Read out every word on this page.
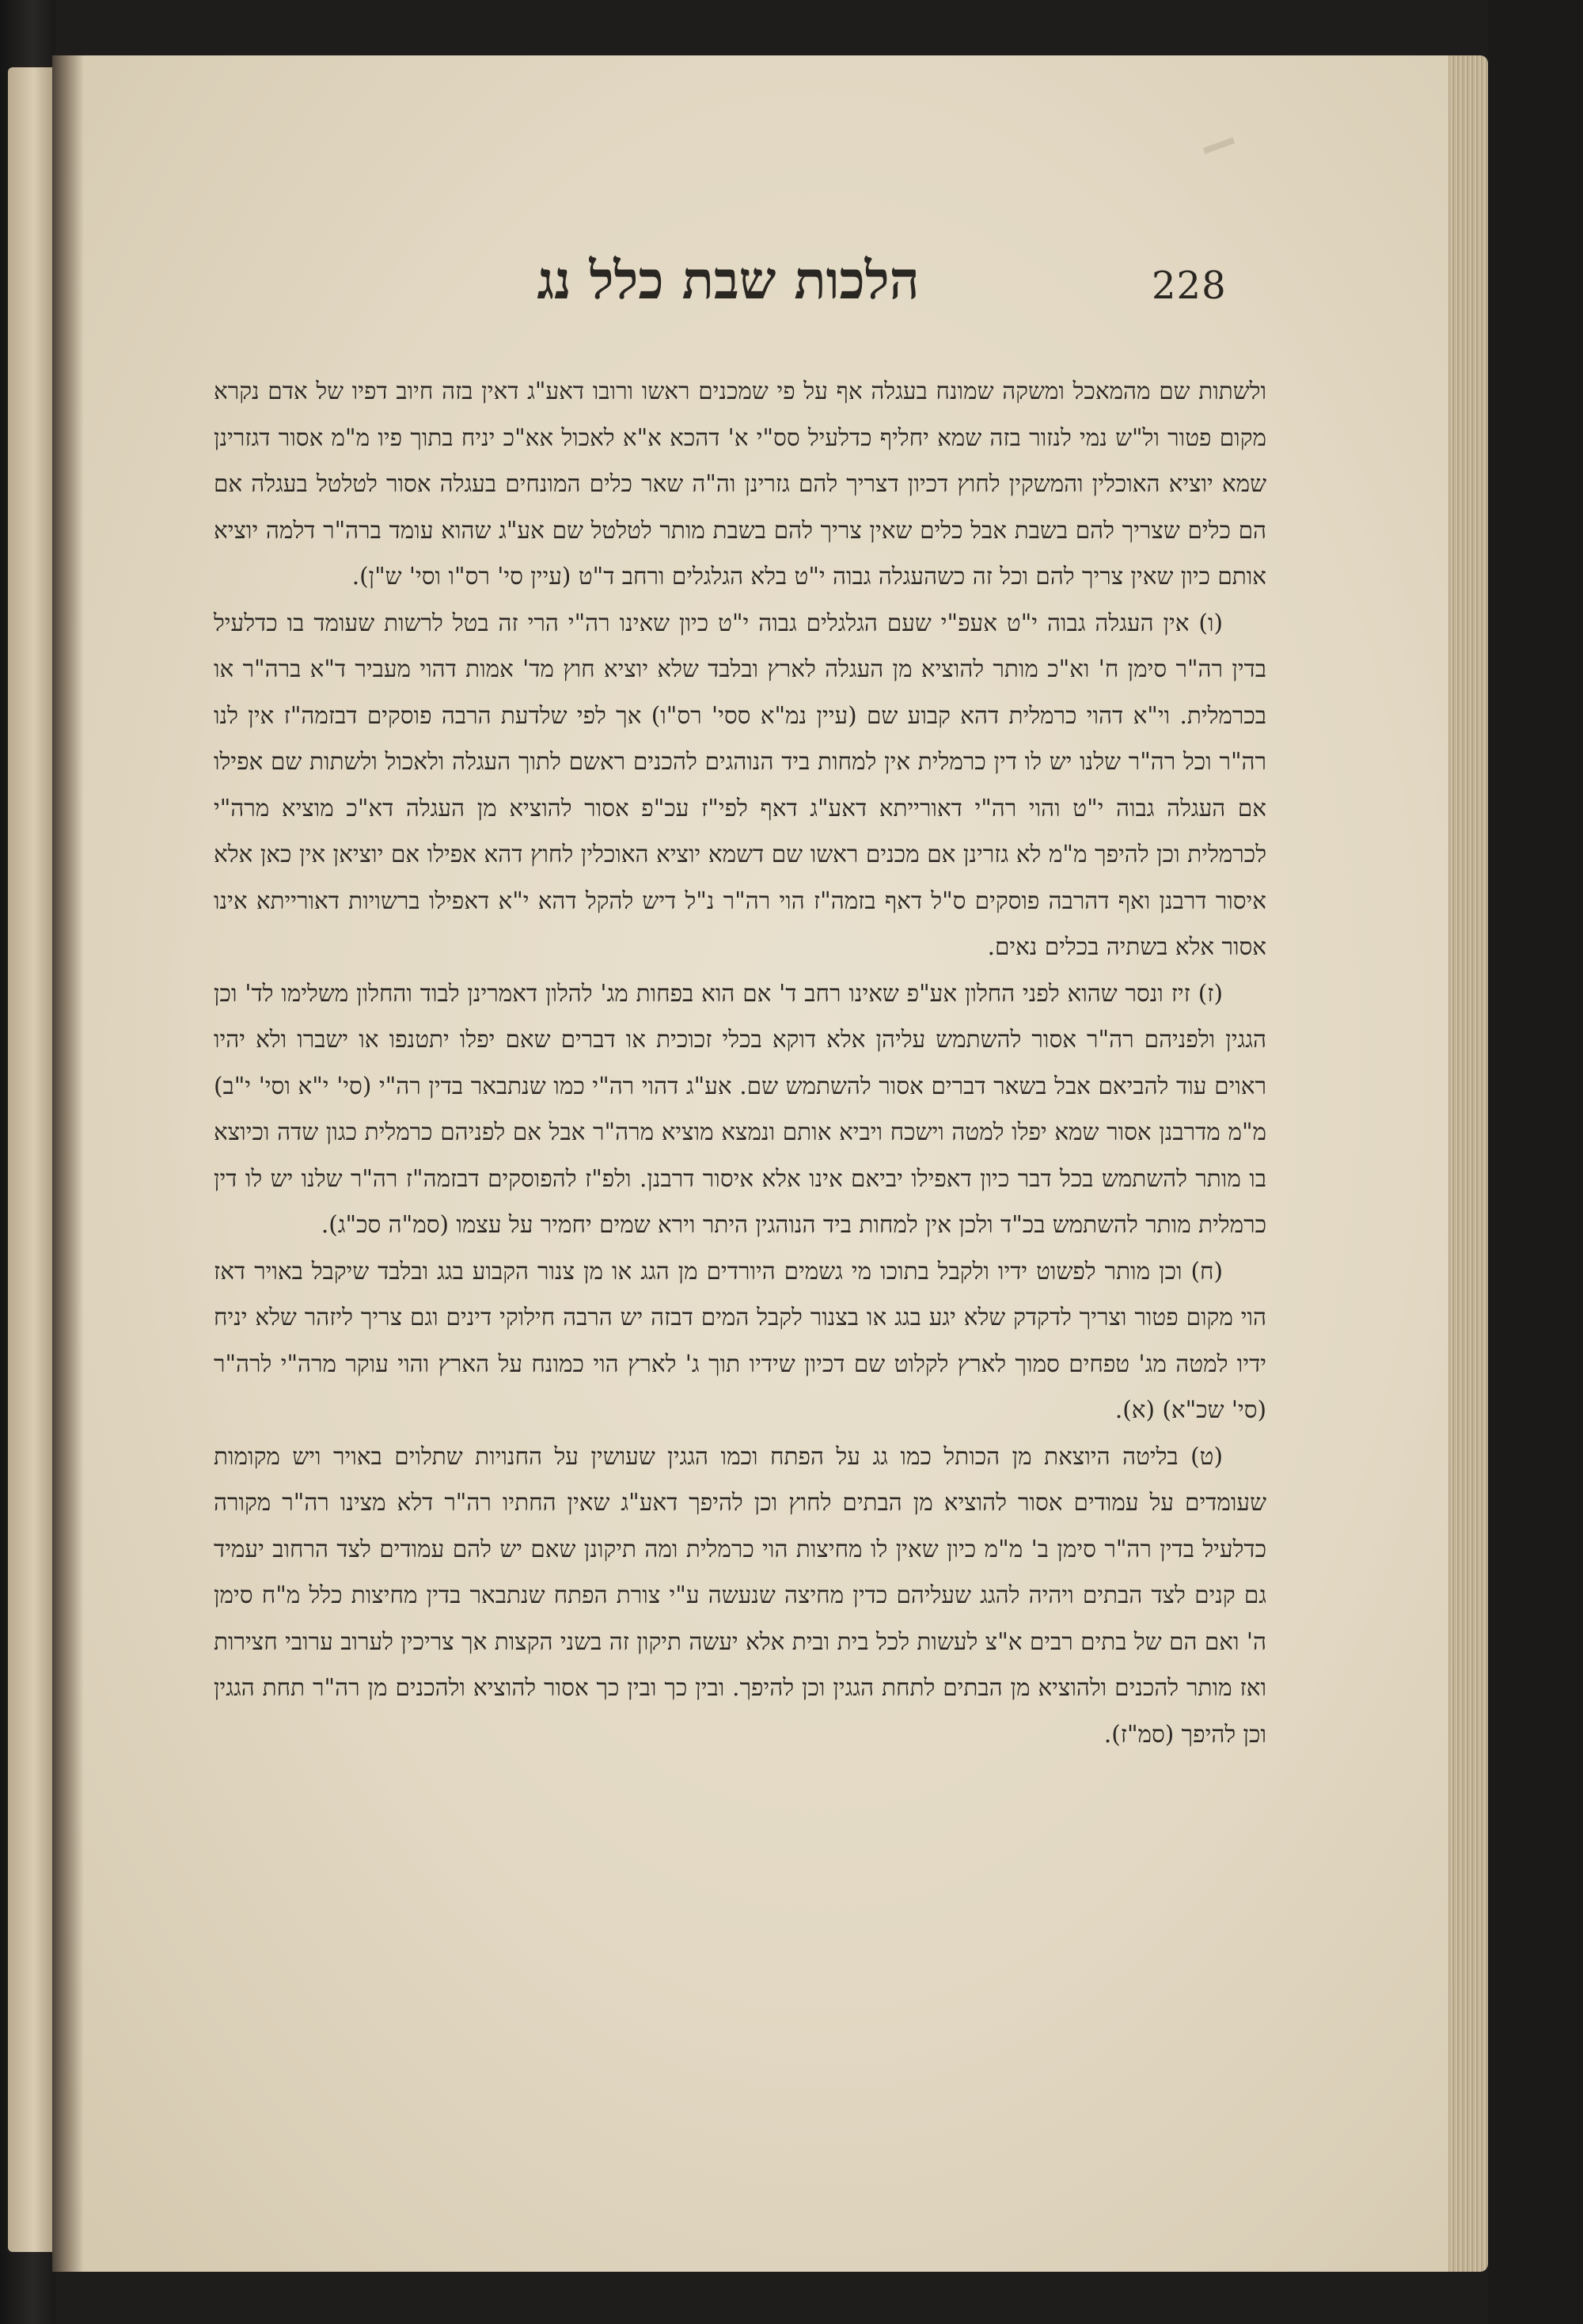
הלכות שבת כלל נג	228

ולשתות שם מהמאכל ומשקה שמונח בעגלה אף על פי שמכנים ראשו ורובו דאע"ג דאין בזה חיוב דפיו של אדם נקרא מקום פטור ול"ש נמי לנזור בזה שמא יחליף כדלעיל סס"י א' דהכא א"א לאכול אא"כ יניח בתוך פיו מ"מ אסור דגזרינן שמא יוציא האוכלין והמשקין לחוץ דכיון דצריך להם גזרינן וה"ה שאר כלים המונחים בעגלה אסור לטלטל בעגלה אם הם כלים שצריך להם בשבת אבל כלים שאין צריך להם בשבת מותר לטלטל שם אע"ג שהוא עומד ברה"ר דלמה יוציא אותם כיון שאין צריך להם וכל זה כשהעגלה גבוה י"ט בלא הגלגלים ורחב ד"ט (עיין סי' רס"ו וסי' ש"ן).

(ו) אין העגלה גבוה י"ט אעפ"י שעם הגלגלים גבוה י"ט כיון שאינו רה"י הרי זה בטל לרשות שעומד בו כדלעיל בדין רה"ר סימן ח' וא"כ מותר להוציא מן העגלה לארץ ובלבד שלא יוציא חוץ מד' אמות דהוי מעביר ד"א ברה"ר או בכרמלית. וי"א דהוי כרמלית דהא קבוע שם (עיין נמ"א ססי' רס"ו) אך לפי שלדעת הרבה פוסקים דבזמה"ז אין לנו רה"ר וכל רה"ר שלנו יש לו דין כרמלית אין למחות ביד הנוהגים להכנים ראשם לתוך העגלה ולאכול ולשתות שם אפילו אם העגלה גבוה י"ט והוי רה"י דאורייתא דאע"ג דאף לפי"ז עכ"פ אסור להוציא מן העגלה דא"כ מוציא מרה"י לכרמלית וכן להיפך מ"מ לא גזרינן אם מכנים ראשו שם דשמא יוציא האוכלין לחוץ דהא אפילו אם יוציאן אין כאן אלא איסור דרבנן ואף דהרבה פוסקים ס"ל דאף בזמה"ז הוי רה"ר נ"ל דיש להקל דהא י"א דאפילו ברשויות דאורייתא אינו אסור אלא בשתיה בכלים נאים.

(ז) זיז ונסר שהוא לפני החלון אע"פ שאינו רחב ד' אם הוא בפחות מג' להלון דאמרינן לבוד והחלון משלימו לד' וכן הגגין ולפניהם רה"ר אסור להשתמש עליהן אלא דוקא בכלי זכוכית או דברים שאם יפלו יתטנפו או ישברו ולא יהיו ראוים עוד להביאם אבל בשאר דברים אסור להשתמש שם. אע"ג דהוי רה"י כמו שנתבאר בדין רה"י (סי' י"א וסי' י"ב) מ"מ מדרבנן אסור שמא יפלו למטה וישכח ויביא אותם ונמצא מוציא מרה"ר אבל אם לפניהם כרמלית כגון שדה וכיוצא בו מותר להשתמש בכל דבר כיון דאפילו יביאם אינו אלא איסור דרבנן. ולפ"ז להפוסקים דבזמה"ז רה"ר שלנו יש לו דין כרמלית מותר להשתמש בכ"ד ולכן אין למחות ביד הנוהגין היתר וירא שמים יחמיר על עצמו (סמ"ה סכ"ג).

(ח) וכן מותר לפשוט ידיו ולקבל בתוכו מי גשמים היורדים מן הגג או מן צנור הקבוע בגג ובלבד שיקבל באויר דאז הוי מקום פטור וצריך לדקדק שלא יגע בגג או בצנור לקבל המים דבזה יש הרבה חילוקי דינים וגם צריך ליזהר שלא יניח ידיו למטה מג' טפחים סמוך לארץ לקלוט שם דכיון שידיו תוך ג' לארץ הוי כמונח על הארץ והוי עוקר מרה"י לרה"ר (סי' שכ"א) (א).

(ט) בליטה היוצאת מן הכותל כמו גג על הפתח וכמו הגגין שעושין על החנויות שתלוים באויר ויש מקומות שעומדים על עמודים אסור להוציא מן הבתים לחוץ וכן להיפך דאע"ג שאין החתיו רה"ר דלא מצינו רה"ר מקורה כדלעיל בדין רה"ר סימן ב' מ"מ כיון שאין לו מחיצות הוי כרמלית ומה תיקונן שאם יש להם עמודים לצד הרחוב יעמיד גם קנים לצד הבתים ויהיה להגג שעליהם כדין מחיצה שנעשה ע"י צורת הפתח שנתבאר בדין מחיצות כלל מ"ח סימן ה' ואם הם של בתים רבים א"צ לעשות לכל בית ובית אלא יעשה תיקון זה בשני הקצות אך צריכין לערוב ערובי חצירות ואז מותר להכנים ולהוציא מן הבתים לתחת הגגין וכן להיפך. ובין כך ובין כך אסור להוציא ולהכנים מן רה"ר תחת הגגין וכן להיפך (סמ"ז).
